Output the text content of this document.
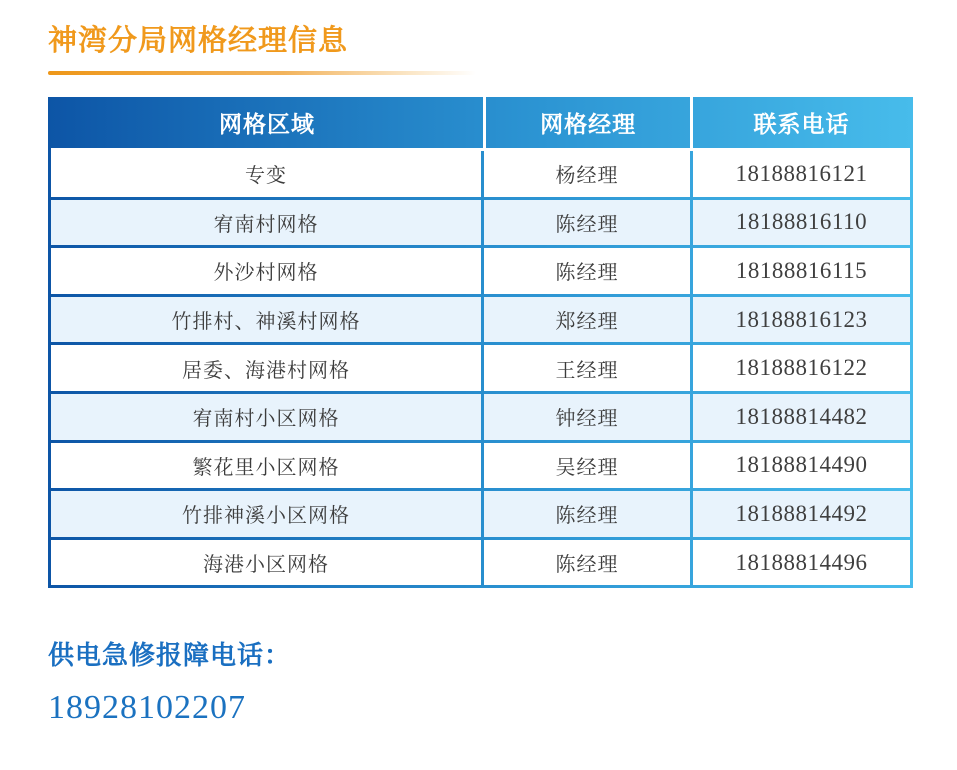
神湾分局网格经理信息
网格区域	网格经理	联系电话
专变	杨经理	18188816121
宥南村网格	陈经理	18188816110
外沙村网格	陈经理	18188816115
竹排村、神溪村网格	郑经理	18188816123
居委、海港村网格	王经理	18188816122
宥南村小区网格	钟经理	18188814482
繁花里小区网格	吴经理	18188814490
竹排神溪小区网格	陈经理	18188814492
海港小区网格	陈经理	18188814496
供电急修报障电话：
18928102207
